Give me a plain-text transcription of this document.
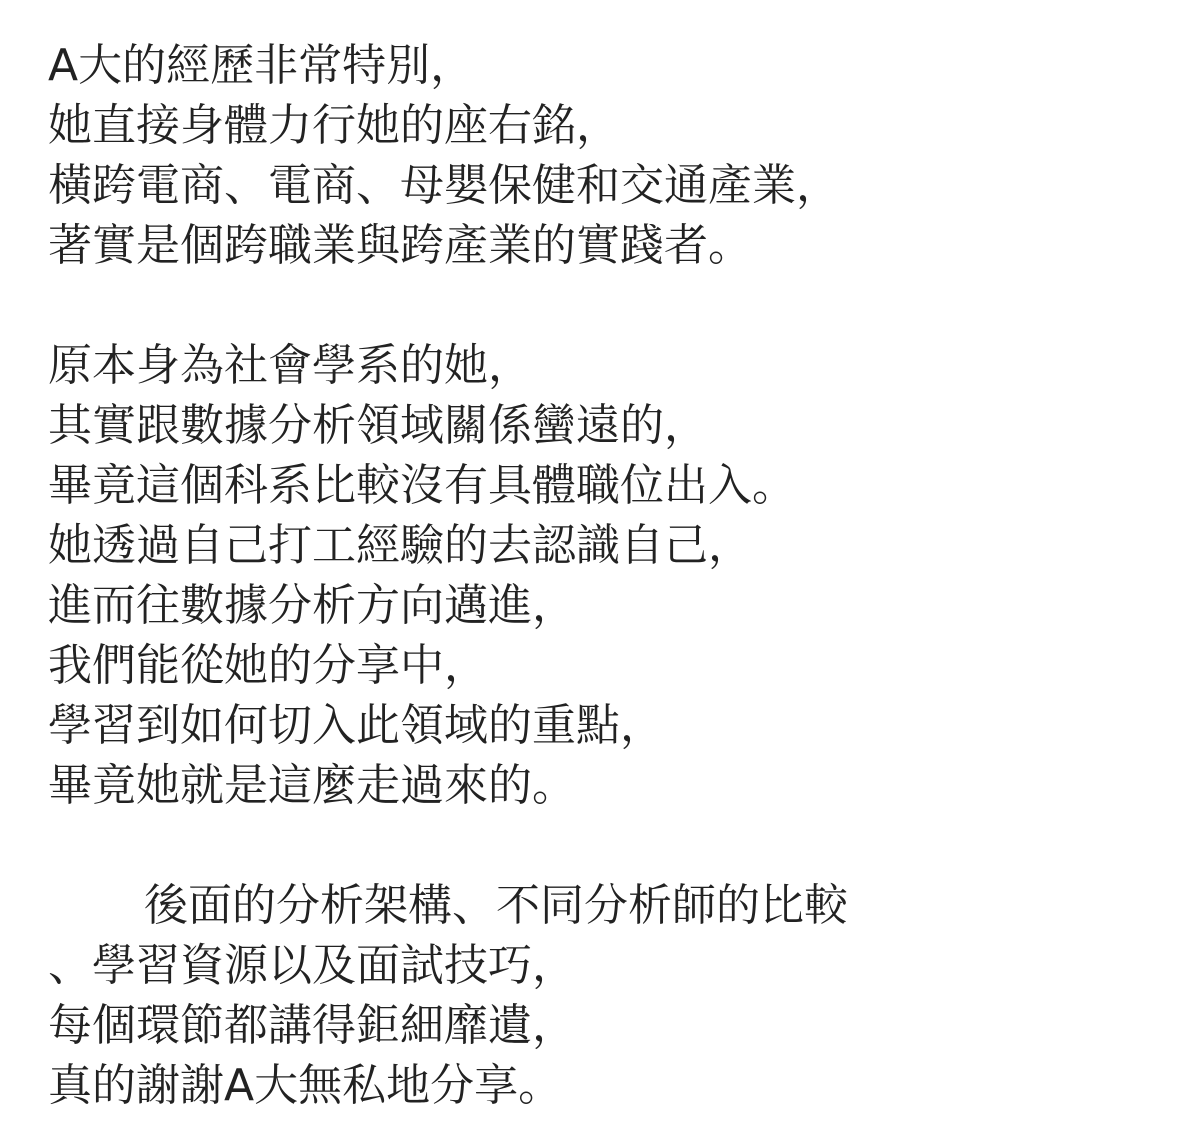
A大的經歷非常特別，
她直接身體力行她的座右銘，
橫跨電商、電商、母嬰保健和交通產業，
著實是個跨職業與跨產業的實踐者。
原本身為社會學系的她，
其實跟數據分析領域關係蠻遠的，
畢竟這個科系比較沒有具體職位出入。
她透過自己打工經驗的去認識自己，
進而往數據分析方向邁進，
我們能從她的分享中，
學習到如何切入此領域的重點，
畢竟她就是這麼走過來的。
後面的分析架構、不同分析師的比較
、學習資源以及面試技巧，
每個環節都講得鉅細靡遺，
真的謝謝A大無私地分享。
